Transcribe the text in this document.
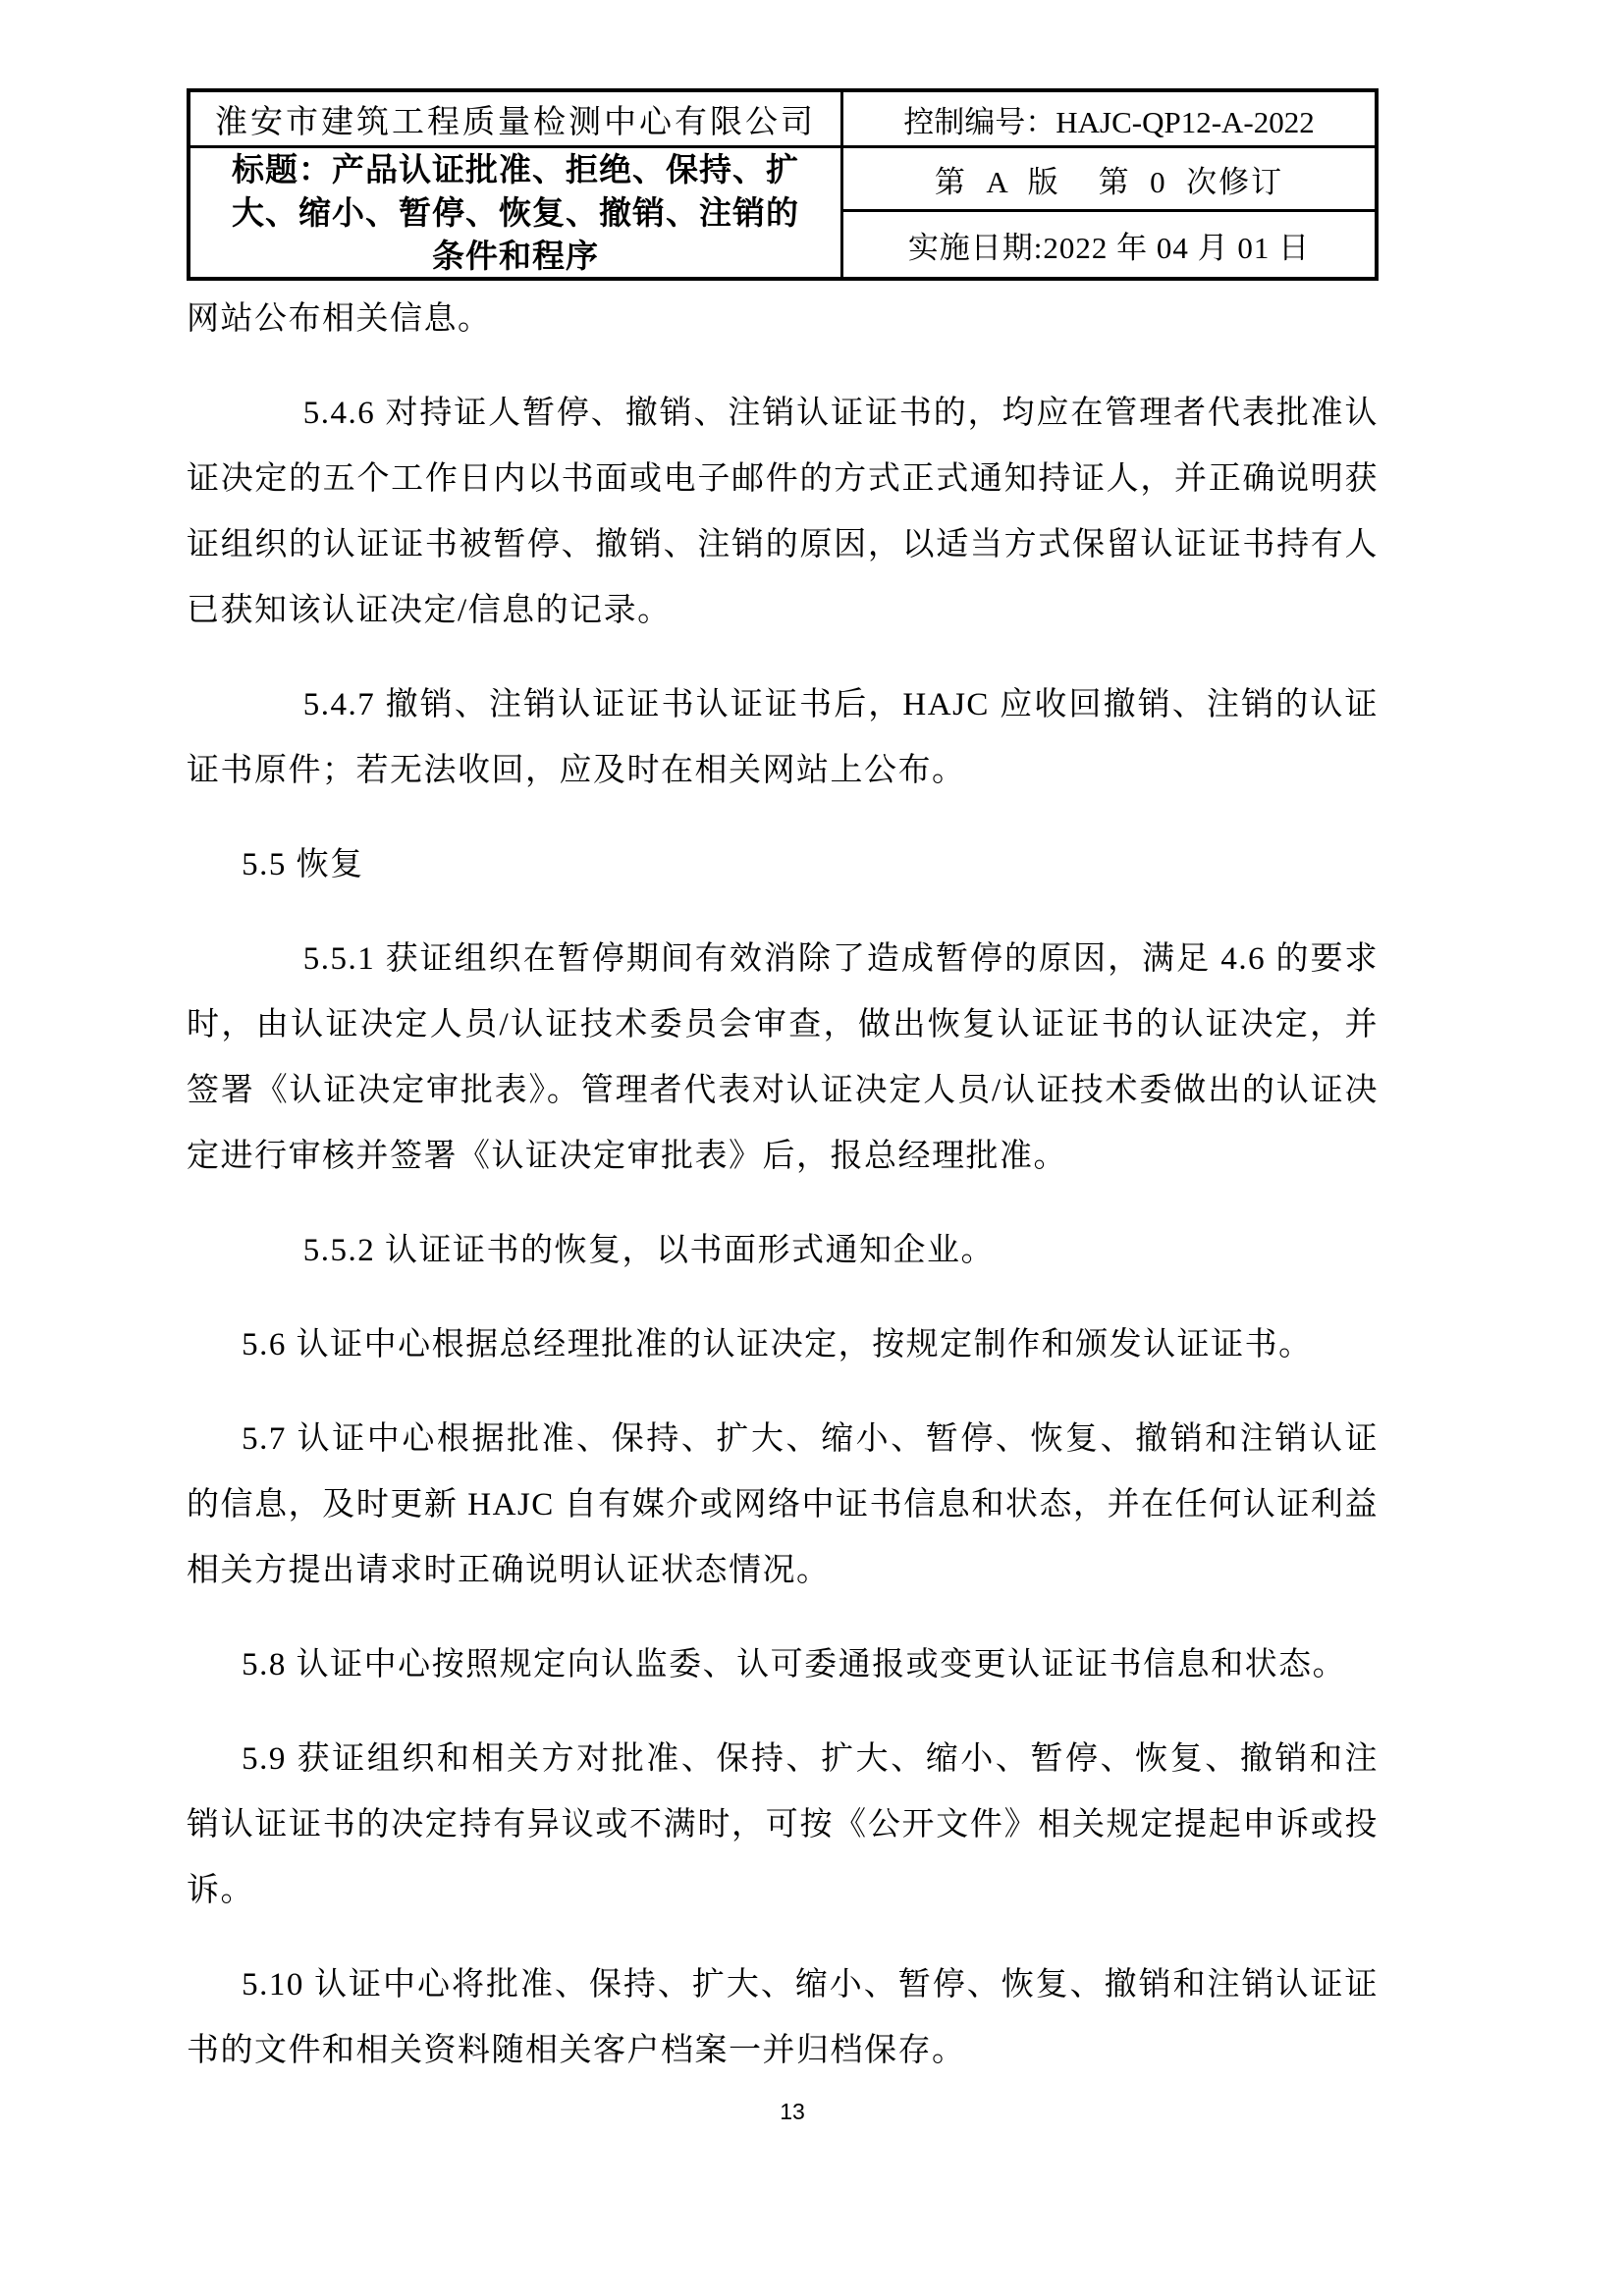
淮安市建筑工程质量检测中心有限公司	控制编号：HAJC-QP12-A-2022
标题：产品认证批准、拒绝、保持、扩
大、缩小、暂停、恢复、撤销、注销的
条件和程序
第  A  版    第  0  次修订
实施日期:2022 年 04 月 01 日

网站公布相关信息。

5.4.6 对持证人暂停、撤销、注销认证证书的，均应在管理者代表批准认证决定的五个工作日内以书面或电子邮件的方式正式通知持证人，并正确说明获证组织的认证证书被暂停、撤销、注销的原因，以适当方式保留认证证书持有人已获知该认证决定/信息的记录。

5.4.7 撤销、注销认证证书认证证书后，HAJC 应收回撤销、注销的认证证书原件；若无法收回，应及时在相关网站上公布。

5.5 恢复

5.5.1 获证组织在暂停期间有效消除了造成暂停的原因，满足 4.6 的要求时，由认证决定人员/认证技术委员会审查，做出恢复认证证书的认证决定，并签署《认证决定审批表》。管理者代表对认证决定人员/认证技术委做出的认证决定进行审核并签署《认证决定审批表》后，报总经理批准。

5.5.2 认证证书的恢复，以书面形式通知企业。

5.6 认证中心根据总经理批准的认证决定，按规定制作和颁发认证证书。

5.7 认证中心根据批准、保持、扩大、缩小、暂停、恢复、撤销和注销认证的信息，及时更新 HAJC 自有媒介或网络中证书信息和状态，并在任何认证利益相关方提出请求时正确说明认证状态情况。

5.8 认证中心按照规定向认监委、认可委通报或变更认证证书信息和状态。

5.9 获证组织和相关方对批准、保持、扩大、缩小、暂停、恢复、撤销和注销认证证书的决定持有异议或不满时，可按《公开文件》相关规定提起申诉或投诉。

5.10 认证中心将批准、保持、扩大、缩小、暂停、恢复、撤销和注销认证证书的文件和相关资料随相关客户档案一并归档保存。

13
